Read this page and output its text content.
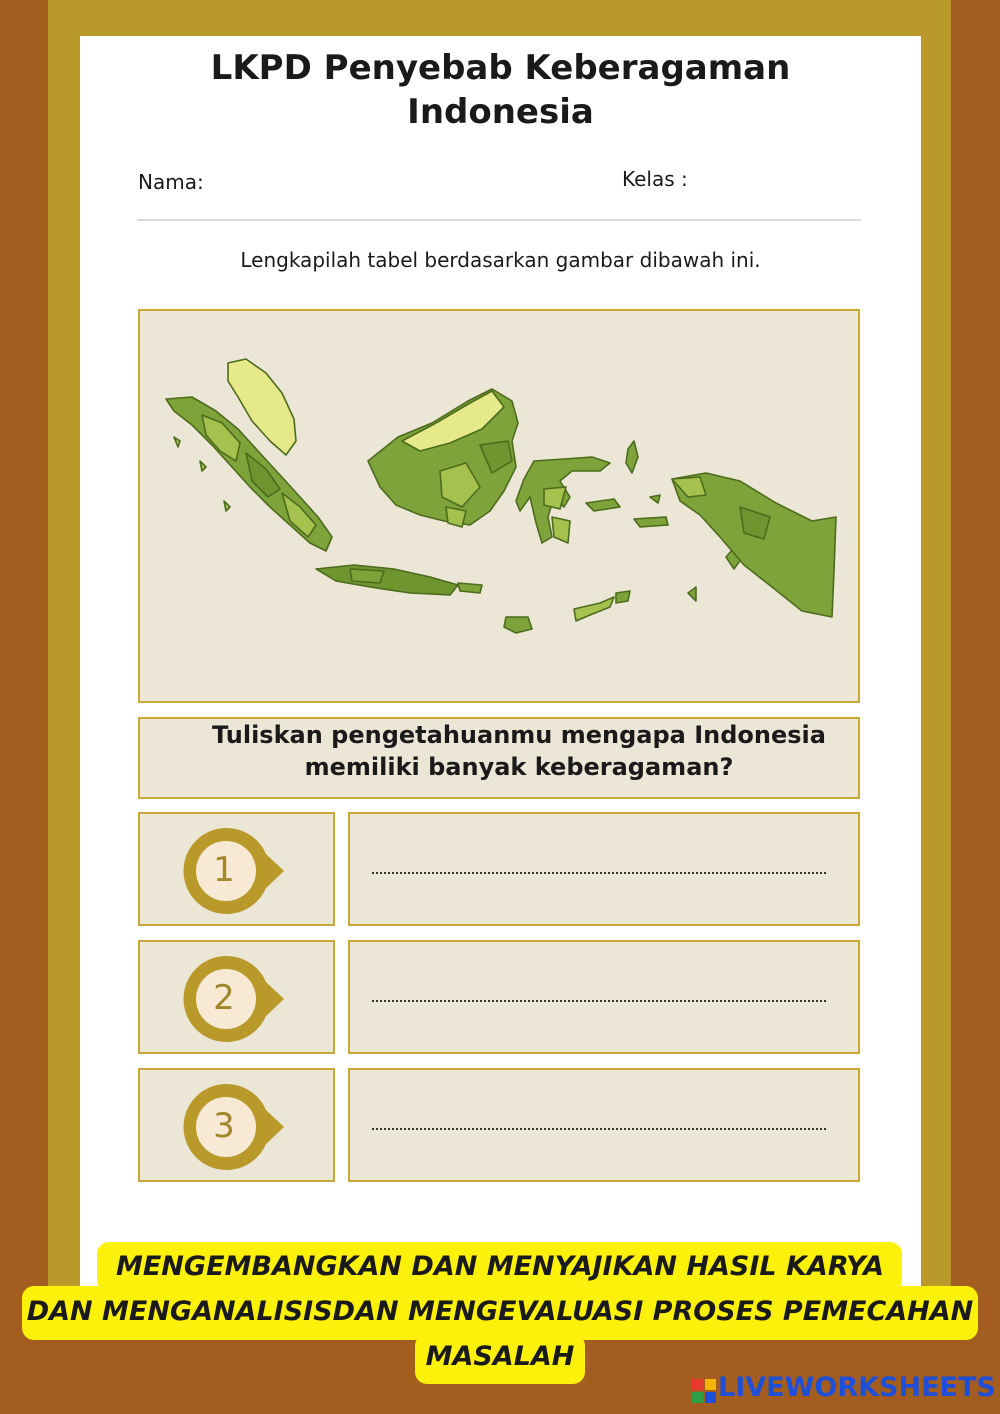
LKPD Penyebab Keberagaman
Indonesia
Nama:	Kelas :
Lengkapilah tabel berdasarkan gambar dibawah ini.
Tuliskan pengetahuanmu mengapa Indonesia
memiliki banyak keberagaman?
1
2
3
MENGEMBANGKAN DAN MENYAJIKAN HASIL KARYA
DAN MENGANALISISDAN MENGEVALUASI PROSES PEMECAHAN
MASALAH
LIVEWORKSHEETS
